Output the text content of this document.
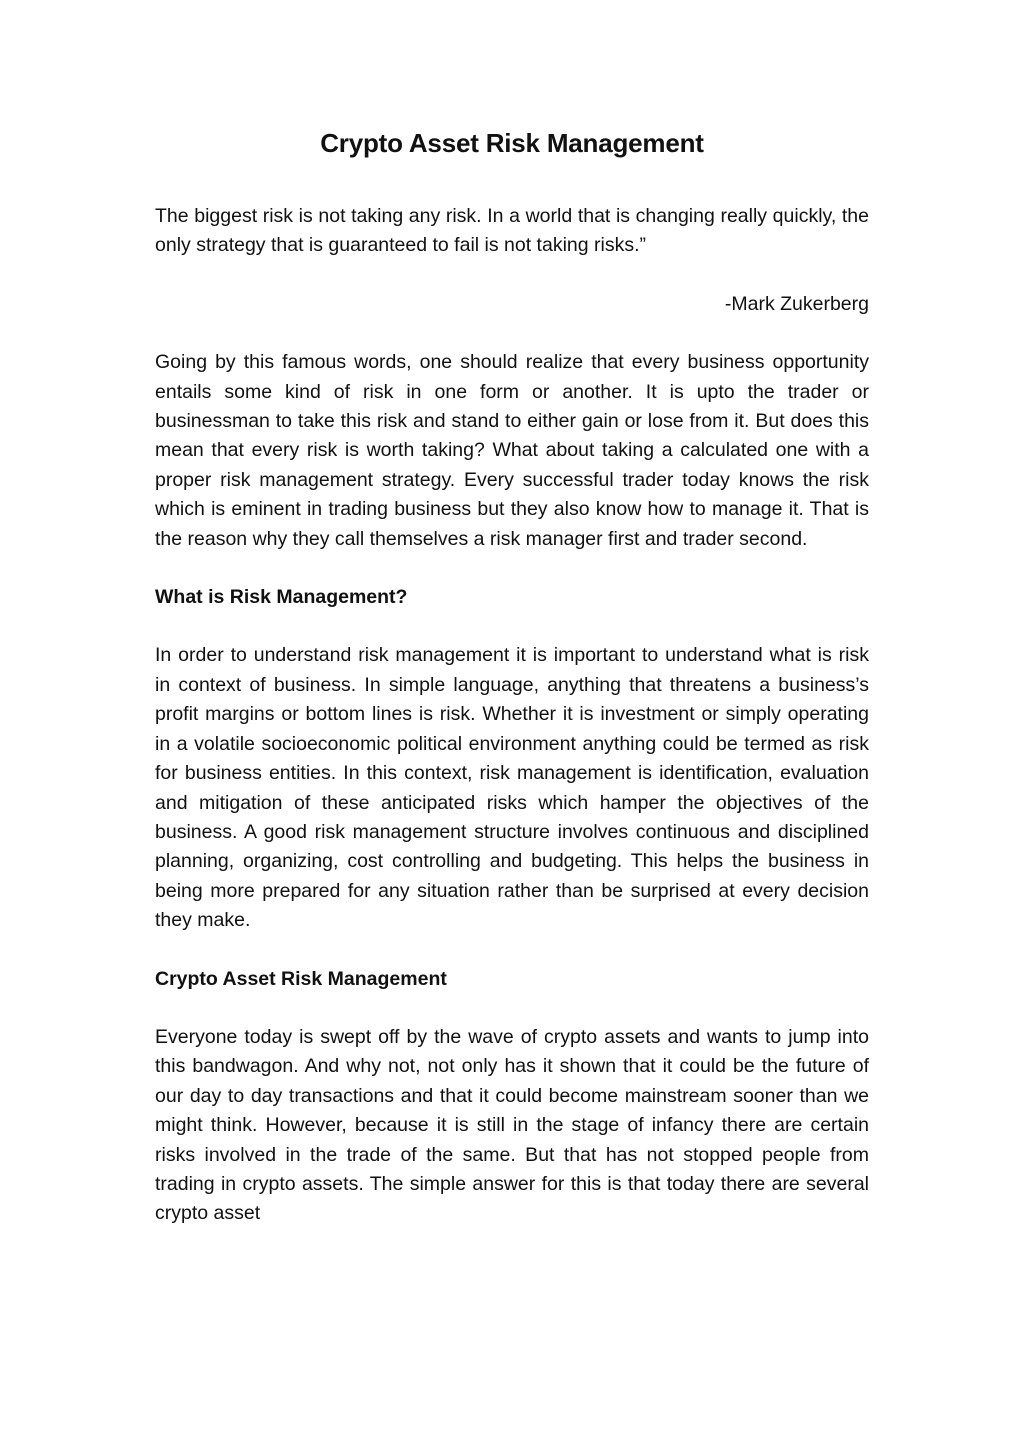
Crypto Asset Risk Management

The biggest risk is not taking any risk. In a world that is changing really quickly, the only strategy that is guaranteed to fail is not taking risks.”

-Mark Zukerberg

Going by this famous words, one should realize that every business opportunity entails some kind of risk in one form or another. It is upto the trader or businessman to take this risk and stand to either gain or lose from it. But does this mean that every risk is worth taking? What about taking a calculated one with a proper risk management strategy. Every successful trader today knows the risk which is eminent in trading business but they also know how to manage it. That is the reason why they call themselves a risk manager first and trader second.

What is Risk Management?

In order to understand risk management it is important to understand what is risk in context of business. In simple language, anything that threatens a business’s profit margins or bottom lines is risk. Whether it is investment or simply operating in a volatile socioeconomic political environment anything could be termed as risk for business entities. In this context, risk management is identification, evaluation and mitigation of these anticipated risks which hamper the objectives of the business. A good risk management structure involves continuous and disciplined planning, organizing, cost controlling and budgeting. This helps the business in being more prepared for any situation rather than be surprised at every decision they make.

Crypto Asset Risk Management

Everyone today is swept off by the wave of crypto assets and wants to jump into this bandwagon. And why not, not only has it shown that it could be the future of our day to day transactions and that it could become mainstream sooner than we might think. However, because it is still in the stage of infancy there are certain risks involved in the trade of the same. But that has not stopped people from trading in crypto assets. The simple answer for this is that today there are several crypto asset
